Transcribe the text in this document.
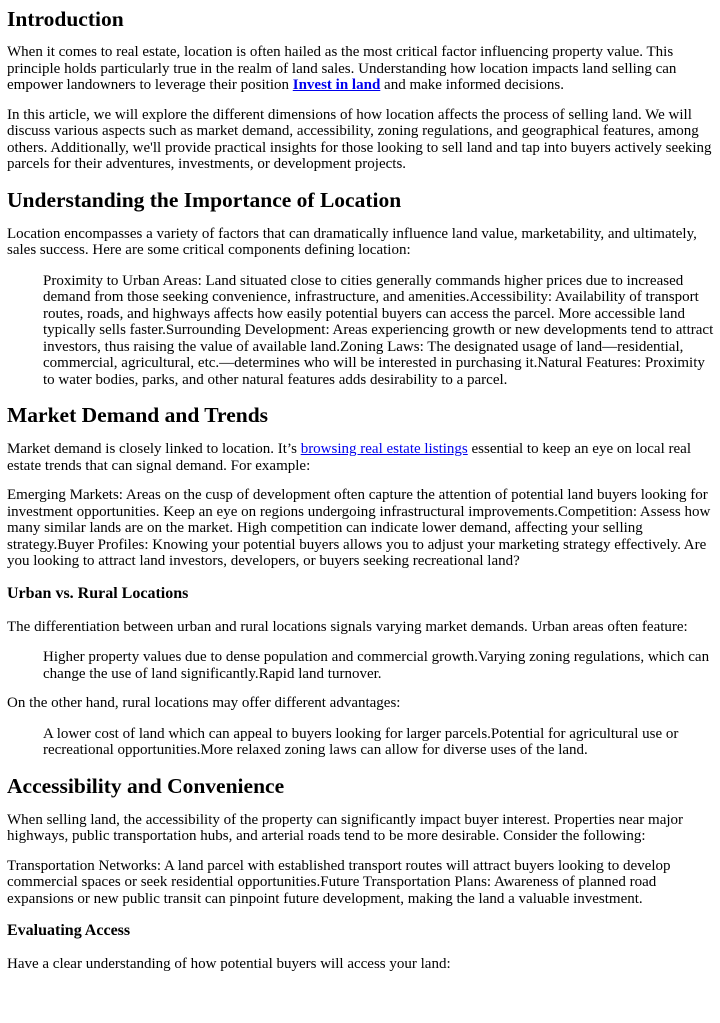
Introduction

When it comes to real estate, location is often hailed as the most critical factor influencing property value. This principle holds particularly true in the realm of land sales. Understanding how location impacts land selling can empower landowners to leverage their position Invest in land and make informed decisions.

In this article, we will explore the different dimensions of how location affects the process of selling land. We will discuss various aspects such as market demand, accessibility, zoning regulations, and geographical features, among others. Additionally, we'll provide practical insights for those looking to sell land and tap into buyers actively seeking parcels for their adventures, investments, or development projects.

Understanding the Importance of Location

Location encompasses a variety of factors that can dramatically influence land value, marketability, and ultimately, sales success. Here are some critical components defining location:

Proximity to Urban Areas: Land situated close to cities generally commands higher prices due to increased demand from those seeking convenience, infrastructure, and amenities.Accessibility: Availability of transport routes, roads, and highways affects how easily potential buyers can access the parcel. More accessible land typically sells faster.Surrounding Development: Areas experiencing growth or new developments tend to attract investors, thus raising the value of available land.Zoning Laws: The designated usage of land—residential, commercial, agricultural, etc.—determines who will be interested in purchasing it.Natural Features: Proximity to water bodies, parks, and other natural features adds desirability to a parcel.

Market Demand and Trends

Market demand is closely linked to location. It’s browsing real estate listings essential to keep an eye on local real estate trends that can signal demand. For example:

Emerging Markets: Areas on the cusp of development often capture the attention of potential land buyers looking for investment opportunities. Keep an eye on regions undergoing infrastructural improvements.Competition: Assess how many similar lands are on the market. High competition can indicate lower demand, affecting your selling strategy.Buyer Profiles: Knowing your potential buyers allows you to adjust your marketing strategy effectively. Are you looking to attract land investors, developers, or buyers seeking recreational land?

Urban vs. Rural Locations

The differentiation between urban and rural locations signals varying market demands. Urban areas often feature:

Higher property values due to dense population and commercial growth.Varying zoning regulations, which can change the use of land significantly.Rapid land turnover.

On the other hand, rural locations may offer different advantages:

A lower cost of land which can appeal to buyers looking for larger parcels.Potential for agricultural use or recreational opportunities.More relaxed zoning laws can allow for diverse uses of the land.

Accessibility and Convenience

When selling land, the accessibility of the property can significantly impact buyer interest. Properties near major highways, public transportation hubs, and arterial roads tend to be more desirable. Consider the following:

Transportation Networks: A land parcel with established transport routes will attract buyers looking to develop commercial spaces or seek residential opportunities.Future Transportation Plans: Awareness of planned road expansions or new public transit can pinpoint future development, making the land a valuable investment.

Evaluating Access

Have a clear understanding of how potential buyers will access your land:
